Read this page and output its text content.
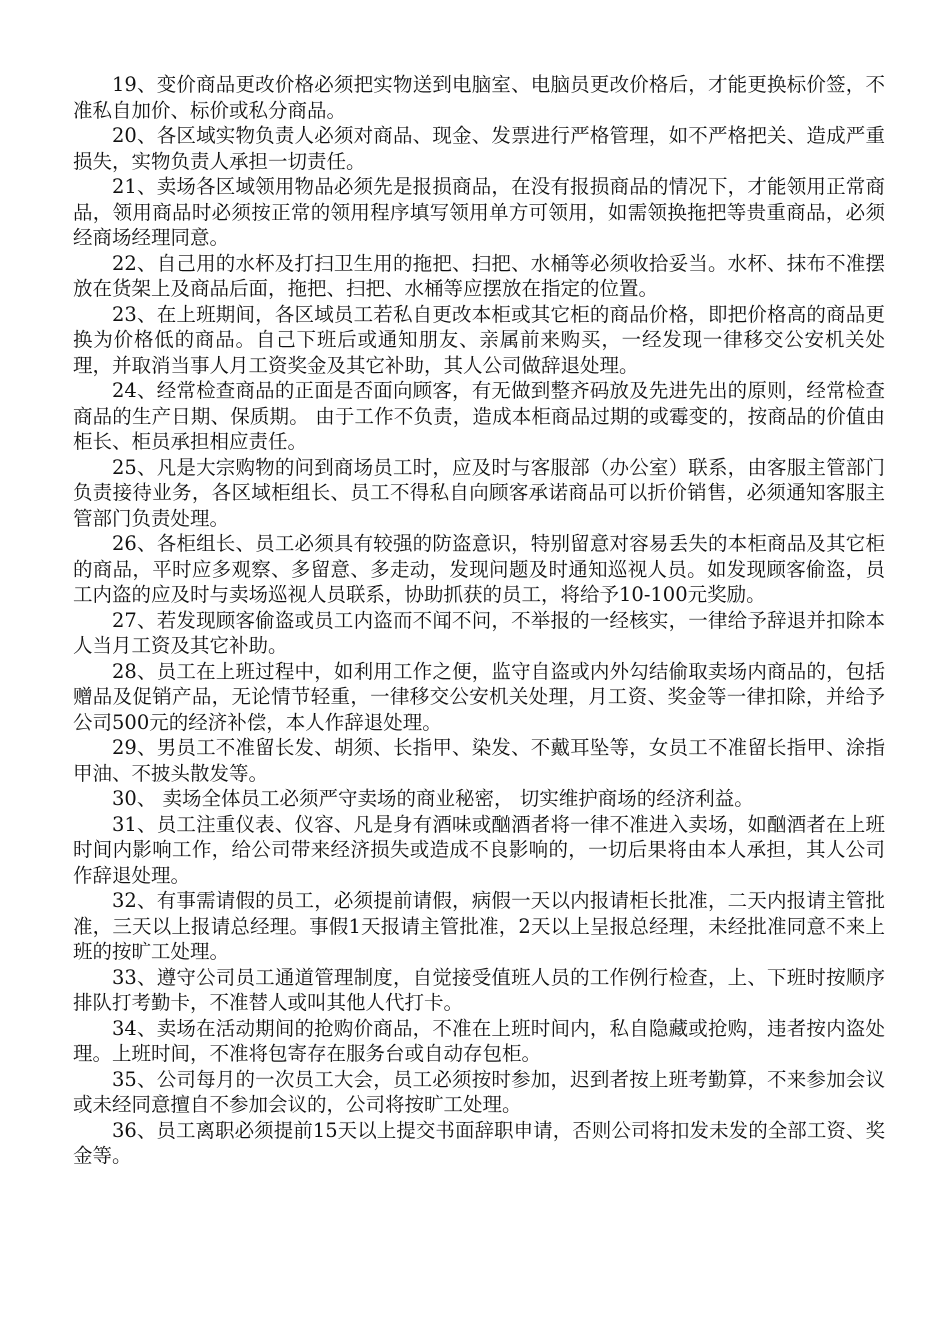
19、变价商品更改价格必须把实物送到电脑室、电脑员更改价格后，才能更换标价签，不准私自加价、标价或私分商品。

20、各区域实物负责人必须对商品、现金、发票进行严格管理，如不严格把关、造成严重损失，实物负责人承担一切责任。

21、卖场各区域领用物品必须先是报损商品，在没有报损商品的情况下，才能领用正常商品，领用商品时必须按正常的领用程序填写领用单方可领用，如需领换拖把等贵重商品，必须经商场经理同意。

22、自己用的水杯及打扫卫生用的拖把、扫把、水桶等必须收拾妥当。水杯、抹布不准摆放在货架上及商品后面，拖把、扫把、水桶等应摆放在指定的位置。

23、在上班期间，各区域员工若私自更改本柜或其它柜的商品价格，即把价格高的商品更换为价格低的商品。自己下班后或通知朋友、亲属前来购买，一经发现一律移交公安机关处理，并取消当事人月工资奖金及其它补助，其人公司做辞退处理。

24、经常检查商品的正面是否面向顾客，有无做到整齐码放及先进先出的原则，经常检查商品的生产日期、保质期。 由于工作不负责，造成本柜商品过期的或霉变的，按商品的价值由柜长、柜员承担相应责任。

25、凡是大宗购物的问到商场员工时，应及时与客服部（办公室）联系，由客服主管部门负责接待业务，各区域柜组长、员工不得私自向顾客承诺商品可以折价销售，必须通知客服主管部门负责处理。

26、各柜组长、员工必须具有较强的防盗意识，特别留意对容易丢失的本柜商品及其它柜的商品，平时应多观察、多留意、多走动，发现问题及时通知巡视人员。如发现顾客偷盗，员工内盗的应及时与卖场巡视人员联系，协助抓获的员工，将给予10-100元奖励。

27、若发现顾客偷盗或员工内盗而不闻不问，不举报的一经核实，一律给予辞退并扣除本人当月工资及其它补助。

28、员工在上班过程中，如利用工作之便，监守自盗或内外勾结偷取卖场内商品的，包括赠品及促销产品，无论情节轻重，一律移交公安机关处理，月工资、奖金等一律扣除，并给予公司500元的经济补偿，本人作辞退处理。

29、男员工不准留长发、胡须、长指甲、染发、不戴耳坠等，女员工不准留长指甲、涂指甲油、不披头散发等。

30、 卖场全体员工必须严守卖场的商业秘密， 切实维护商场的经济利益。

31、员工注重仪表、仪容、凡是身有酒味或酗酒者将一律不准进入卖场，如酗酒者在上班时间内影响工作，给公司带来经济损失或造成不良影响的，一切后果将由本人承担，其人公司作辞退处理。

32、有事需请假的员工，必须提前请假，病假一天以内报请柜长批准，二天内报请主管批准，三天以上报请总经理。事假1天报请主管批准，2天以上呈报总经理，未经批准同意不来上班的按旷工处理。

33、遵守公司员工通道管理制度，自觉接受值班人员的工作例行检查，上、下班时按顺序排队打考勤卡，不准替人或叫其他人代打卡。

34、卖场在活动期间的抢购价商品，不准在上班时间内，私自隐藏或抢购，违者按内盗处理。上班时间，不准将包寄存在服务台或自动存包柜。

35、公司每月的一次员工大会，员工必须按时参加，迟到者按上班考勤算，不来参加会议或未经同意擅自不参加会议的，公司将按旷工处理。

36、员工离职必须提前15天以上提交书面辞职申请，否则公司将扣发未发的全部工资、奖金等。
